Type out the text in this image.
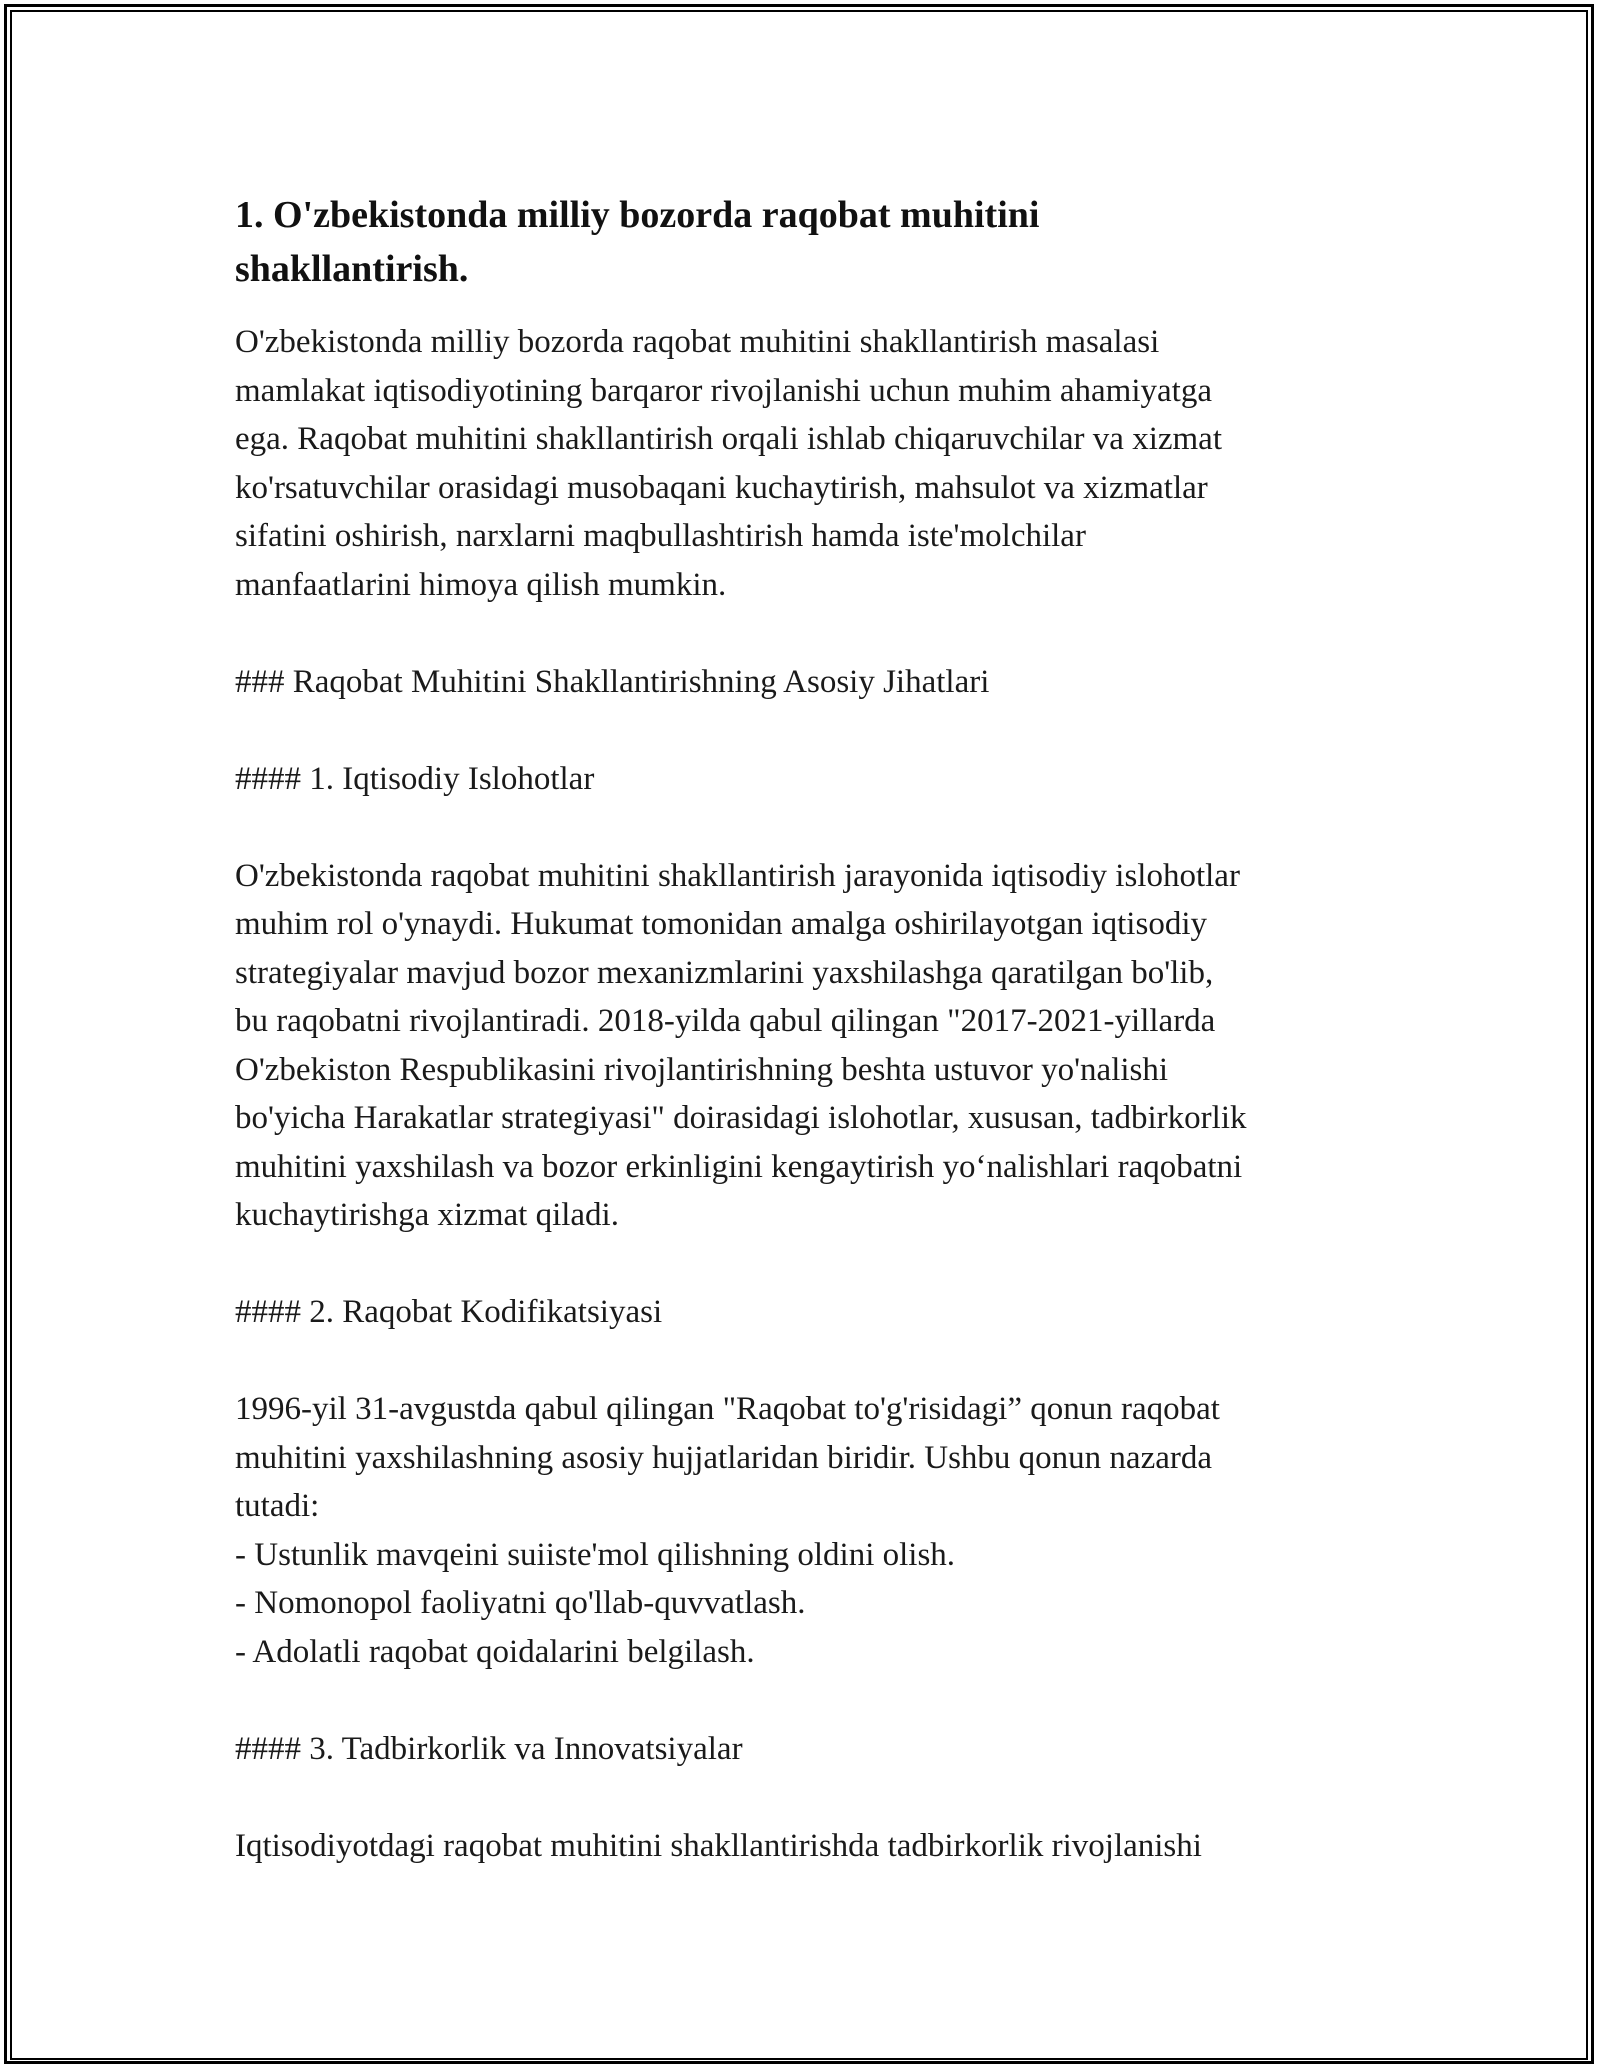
1. O'zbekistonda milliy bozorda raqobat muhitini
shakllantirish.

O'zbekistonda milliy bozorda raqobat muhitini shakllantirish masalasi
mamlakat iqtisodiyotining barqaror rivojlanishi uchun muhim ahamiyatga
ega. Raqobat muhitini shakllantirish orqali ishlab chiqaruvchilar va xizmat
ko'rsatuvchilar orasidagi musobaqani kuchaytirish, mahsulot va xizmatlar
sifatini oshirish, narxlarni maqbullashtirish hamda iste'molchilar
manfaatlarini himoya qilish mumkin.

### Raqobat Muhitini Shakllantirishning Asosiy Jihatlari

#### 1. Iqtisodiy Islohotlar

O'zbekistonda raqobat muhitini shakllantirish jarayonida iqtisodiy islohotlar
muhim rol o'ynaydi. Hukumat tomonidan amalga oshirilayotgan iqtisodiy
strategiyalar mavjud bozor mexanizmlarini yaxshilashga qaratilgan bo'lib,
bu raqobatni rivojlantiradi. 2018-yilda qabul qilingan "2017-2021-yillarda
O'zbekiston Respublikasini rivojlantirishning beshta ustuvor yo'nalishi
bo'yicha Harakatlar strategiyasi" doirasidagi islohotlar, xususan, tadbirkorlik
muhitini yaxshilash va bozor erkinligini kengaytirish yo‘nalishlari raqobatni
kuchaytirishga xizmat qiladi.

#### 2. Raqobat Kodifikatsiyasi

1996-yil 31-avgustda qabul qilingan "Raqobat to'g'risidagi” qonun raqobat
muhitini yaxshilashning asosiy hujjatlaridan biridir. Ushbu qonun nazarda
tutadi:
- Ustunlik mavqeini suiiste'mol qilishning oldini olish.
- Nomonopol faoliyatni qo'llab-quvvatlash.
- Adolatli raqobat qoidalarini belgilash.

#### 3. Tadbirkorlik va Innovatsiyalar

Iqtisodiyotdagi raqobat muhitini shakllantirishda tadbirkorlik rivojlanishi
